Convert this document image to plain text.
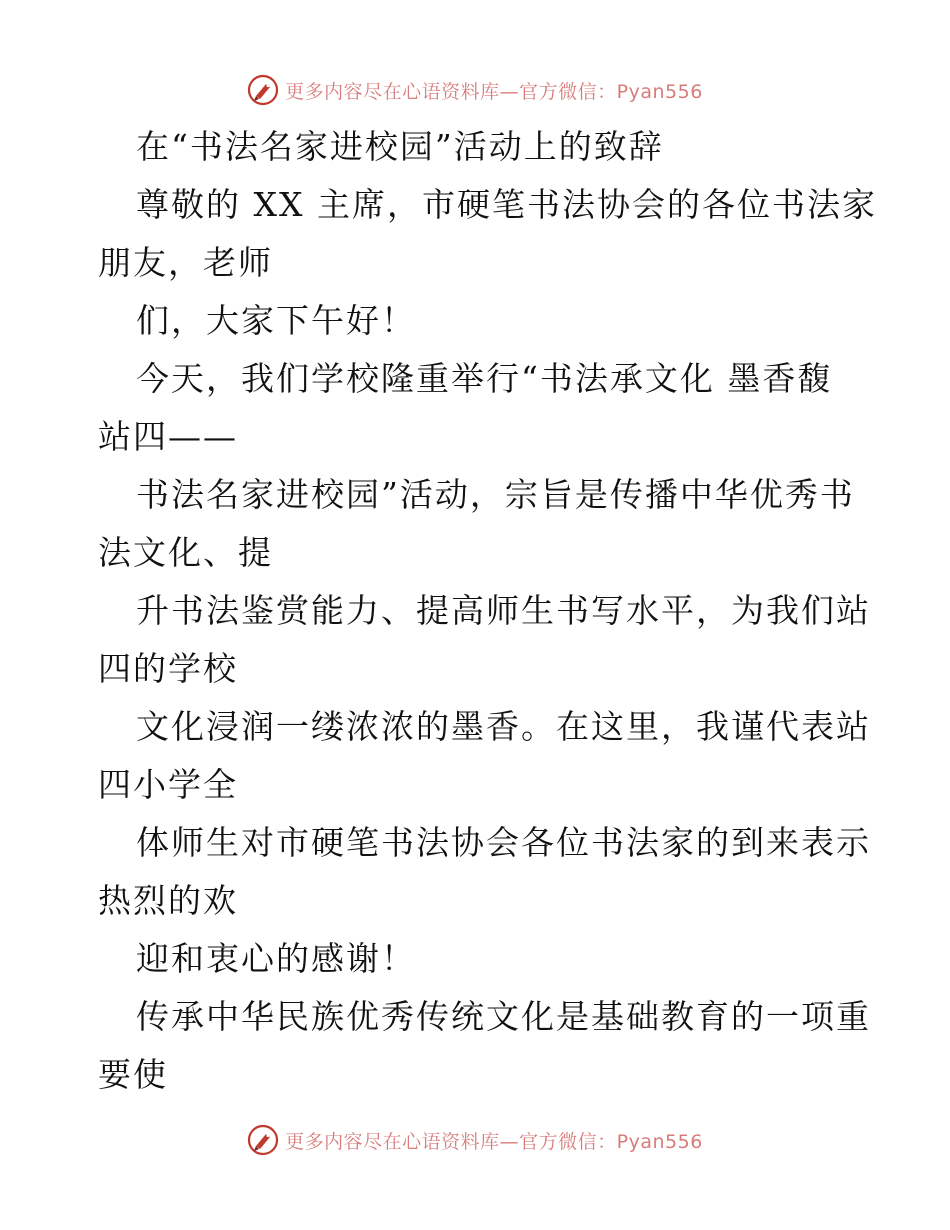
更多内容尽在心语资料库—官方微信：Pyan556
在“书法名家进校园”活动上的致辞
尊敬的 XX 主席，市硬笔书法协会的各位书法家
朋友，老师
们，大家下午好！
今天，我们学校隆重举行“书法承文化 墨香馥
站四——
书法名家进校园”活动，宗旨是传播中华优秀书
法文化、提
升书法鉴赏能力、提高师生书写水平，为我们站
四的学校
文化浸润一缕浓浓的墨香。在这里，我谨代表站
四小学全
体师生对市硬笔书法协会各位书法家的到来表示
热烈的欢
迎和衷心的感谢！
传承中华民族优秀传统文化是基础教育的一项重
要使
更多内容尽在心语资料库—官方微信：Pyan556
